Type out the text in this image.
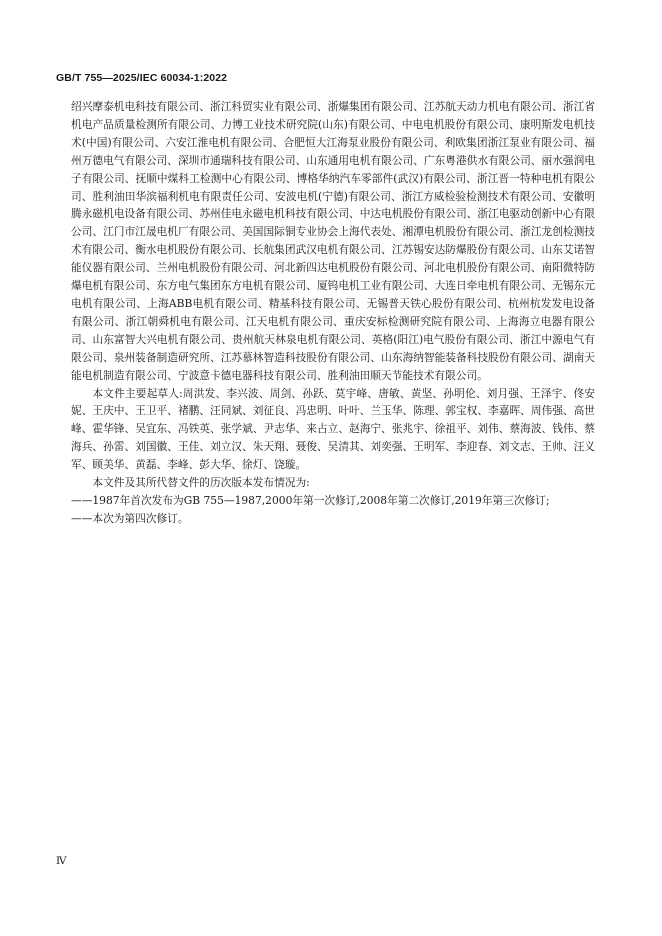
GB/T 755—2025/IEC 60034-1:2022

绍兴摩泰机电科技有限公司、浙江科贸实业有限公司、浙爆集团有限公司、江苏航天动力机电有限公司、浙江省机电产品质量检测所有限公司、力博工业技术研究院(山东)有限公司、中电电机股份有限公司、康明斯发电机技术(中国)有限公司、六安江淮电机有限公司、合肥恒大江海泵业股份有限公司、利欧集团浙江泵业有限公司、福州万德电气有限公司、深圳市通瑞科技有限公司、山东通用电机有限公司、广东粤港供水有限公司、丽水强润电子有限公司、抚顺中煤科工检测中心有限公司、博格华纳汽车零部件(武汉)有限公司、浙江晋一特种电机有限公司、胜利油田华滨福利机电有限责任公司、安波电机(宁德)有限公司、浙江方威检验检测技术有限公司、安徽明腾永磁机电设备有限公司、苏州佳电永磁电机科技有限公司、中达电机股份有限公司、浙江电驱动创新中心有限公司、江门市江晟电机厂有限公司、美国国际铜专业协会上海代表处、湘潭电机股份有限公司、浙江龙创检测技术有限公司、衡水电机股份有限公司、长航集团武汉电机有限公司、江苏锡安达防爆股份有限公司、山东艾诺智能仪器有限公司、兰州电机股份有限公司、河北新四达电机股份有限公司、河北电机股份有限公司、南阳微特防爆电机有限公司、东方电气集团东方电机有限公司、厦钨电机工业有限公司、大连日牵电机有限公司、无锡东元电机有限公司、上海ABB电机有限公司、精基科技有限公司、无锡普天铁心股份有限公司、杭州杭发发电设备有限公司、浙江朝舜机电有限公司、江天电机有限公司、重庆安标检测研究院有限公司、上海海立电器有限公司、山东富智大兴电机有限公司、贵州航天林泉电机有限公司、英格(阳江)电气股份有限公司、浙江中源电气有限公司、泉州装备制造研究所、江苏慕林智造科技股份有限公司、山东海纳智能装备科技股份有限公司、湖南天能电机制造有限公司、宁波意卡德电器科技有限公司、胜利油田顺天节能技术有限公司。

本文件主要起草人:周洪发、李兴波、周剑、孙跃、莫宇峰、唐敏、黄坚、孙明伦、刘月强、王泽宇、佟安妮、王庆中、王卫平、褚鹏、汪同斌、刘征良、冯忠明、叶叶、兰玉华、陈理、郭宝权、李嘉晖、周伟强、高世峰、霍华锋、吴宜东、冯铁英、张学斌、尹志华、来占立、赵海宁、张兆宇、徐祖平、刘伟、蔡海波、钱伟、蔡海兵、孙雷、刘国徽、王佳、刘立汉、朱天翔、聂俊、吴清其、刘奕强、王明军、李迎春、刘文志、王帅、汪义军、顾美华、黄磊、李峰、彭大华、徐灯、饶璇。

本文件及其所代替文件的历次版本发布情况为:

——1987年首次发布为GB 755—1987,2000年第一次修订,2008年第二次修订,2019年第三次修订;

——本次为第四次修订。

Ⅳ
